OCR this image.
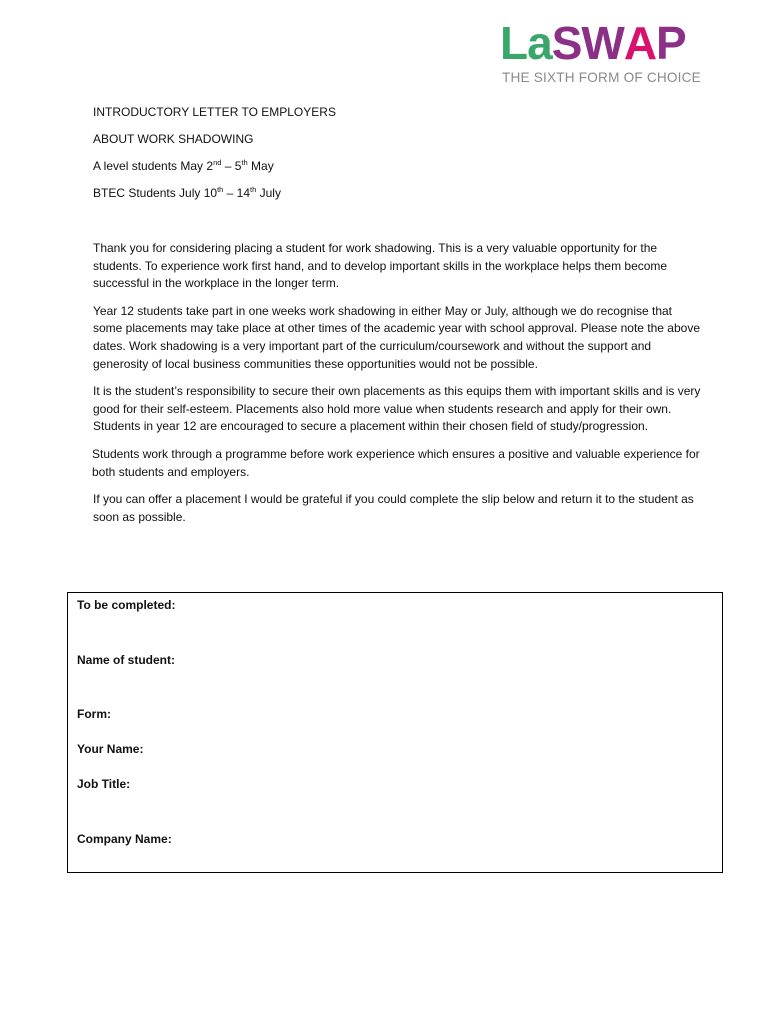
LaSWAP
THE SIXTH FORM OF CHOICE

INTRODUCTORY LETTER TO EMPLOYERS

ABOUT WORK SHADOWING

A level students May 2nd – 5th May

BTEC Students July 10th – 14th July

Thank you for considering placing a student for work shadowing. This is a very valuable opportunity for the students. To experience work first hand, and to develop important skills in the workplace helps them become successful in the workplace in the longer term.

Year 12 students take part in one weeks work shadowing in either May or July, although we do recognise that some placements may take place at other times of the academic year with school approval. Please note the above dates. Work shadowing is a very important part of the curriculum/coursework and without the support and generosity of local business communities these opportunities would not be possible.

It is the student’s responsibility to secure their own placements as this equips them with important skills and is very good for their self-esteem. Placements also hold more value when students research and apply for their own. Students in year 12 are encouraged to secure a placement within their chosen field of study/progression.

Students work through a programme before work experience which ensures a positive and valuable experience for both students and employers.

If you can offer a placement I would be grateful if you could complete the slip below and return it to the student as soon as possible.

To be completed:
Name of student:
Form:
Your Name:
Job Title:
Company Name:
